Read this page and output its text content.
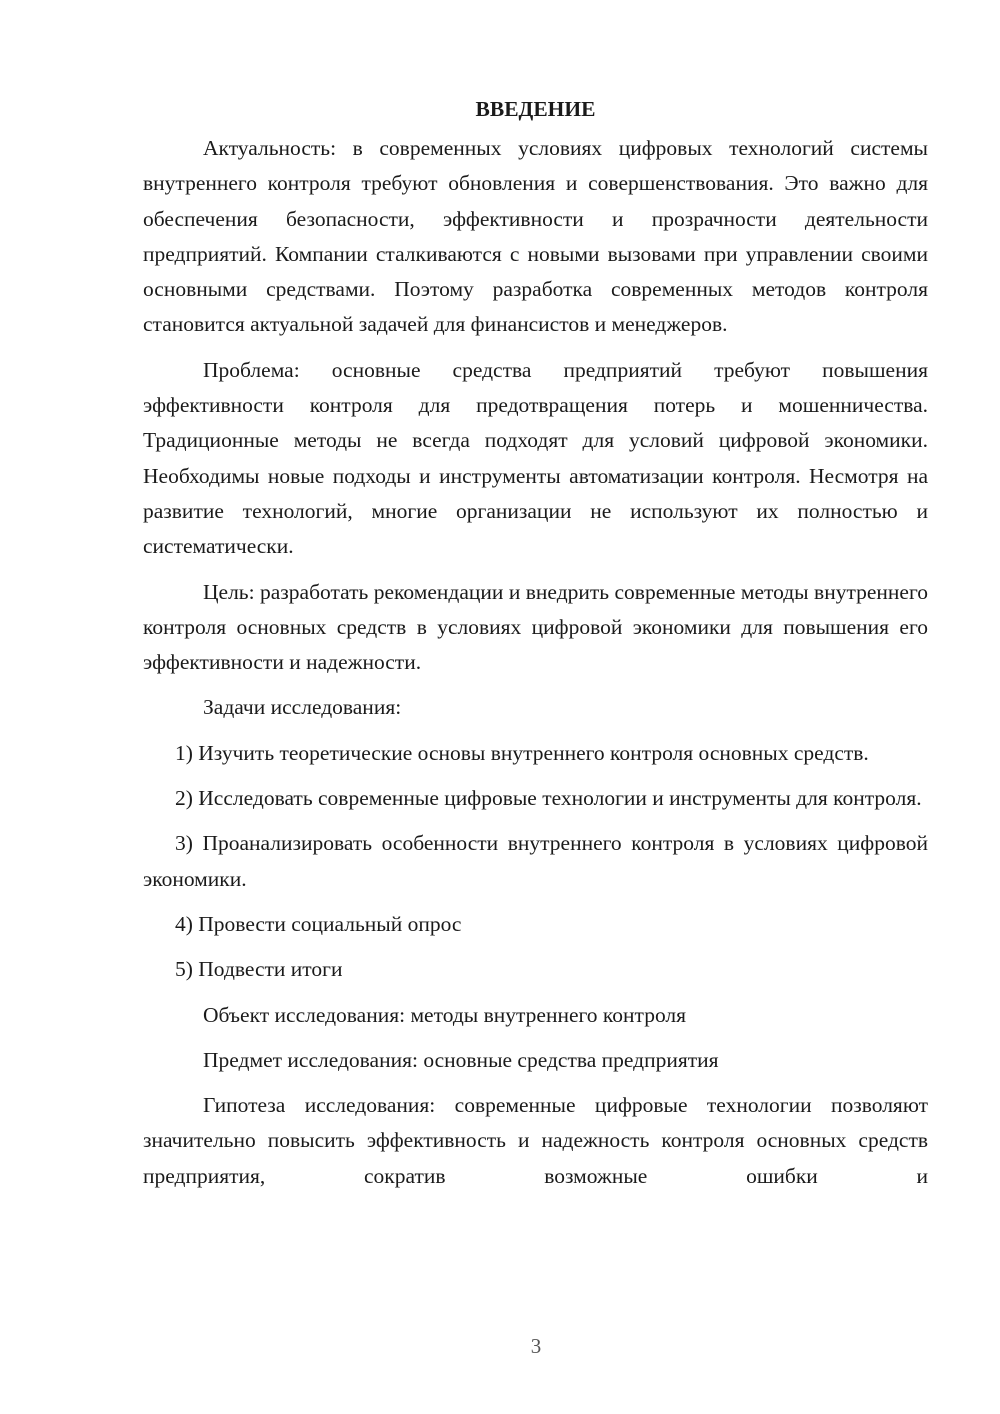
ВВЕДЕНИЕ

Актуальность: в современных условиях цифровых технологий системы внутреннего контроля требуют обновления и совершенствования. Это важно для обеспечения безопасности, эффективности и прозрачности деятельности предприятий. Компании сталкиваются с новыми вызовами при управлении своими основными средствами. Поэтому разработка современных методов контроля становится актуальной задачей для финансистов и менеджеров.

Проблема: основные средства предприятий требуют повышения эффективности контроля для предотвращения потерь и мошенничества. Традиционные методы не всегда подходят для условий цифровой экономики. Необходимы новые подходы и инструменты автоматизации контроля. Несмотря на развитие технологий, многие организации не используют их полностью и систематически.

Цель: разработать рекомендации и внедрить современные методы внутреннего контроля основных средств в условиях цифровой экономики для повышения его эффективности и надежности.

Задачи исследования:

1) Изучить теоретические основы внутреннего контроля основных средств.

2) Исследовать современные цифровые технологии и инструменты для контроля.

3) Проанализировать особенности внутреннего контроля в условиях цифровой экономики.

4) Провести социальный опрос

5) Подвести итоги

Объект исследования: методы внутреннего контроля

Предмет исследования: основные средства предприятия

Гипотеза исследования: современные цифровые технологии позволяют значительно повысить эффективность и надежность контроля основных средств предприятия, сократив возможные ошибки и

3
